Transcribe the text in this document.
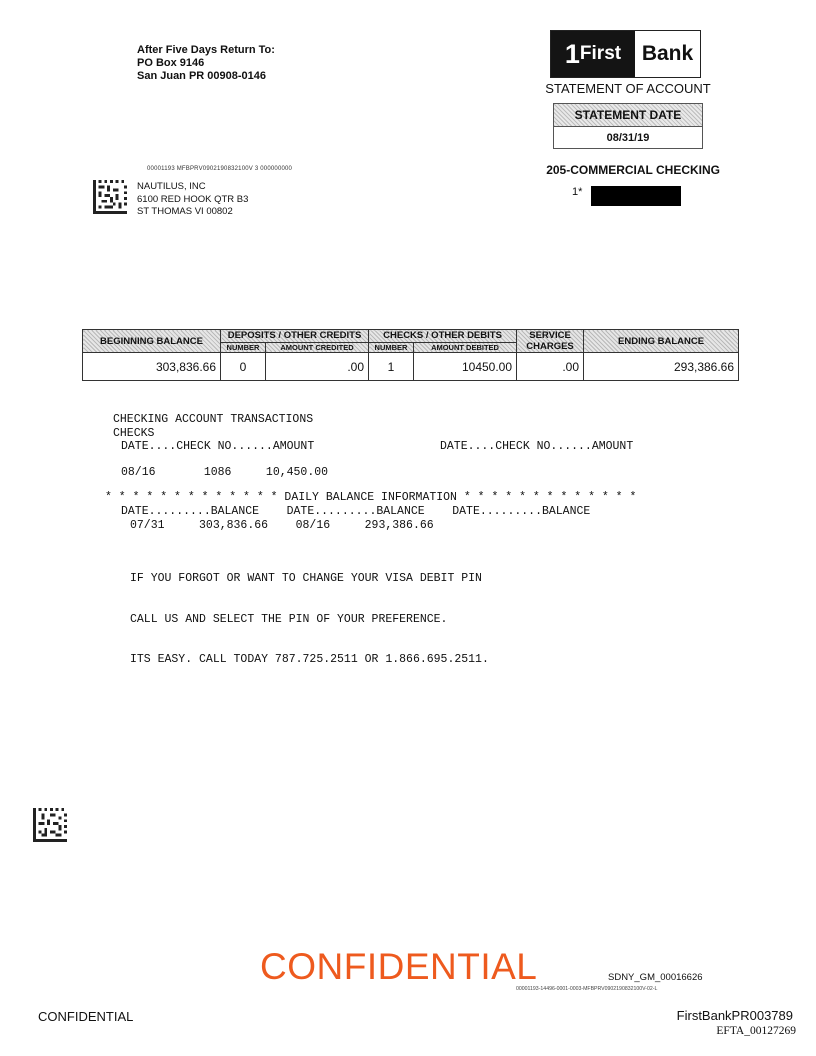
After Five Days Return To:
PO Box 9146
San Juan PR 00908-0146
1 First Bank
STATEMENT OF ACCOUNT
STATEMENT DATE
08/31/19
205-COMMERCIAL CHECKING
1*
00001193 MFBPRV0902190832100V 3 000000000
NAUTILUS, INC
6100 RED HOOK QTR B3
ST THOMAS VI 00802
BEGINNING BALANCE	DEPOSITS / OTHER CREDITS		CHECKS / OTHER DEBITS		SERVICE CHARGES	ENDING BALANCE
	NUMBER	AMOUNT CREDITED	NUMBER	AMOUNT DEBITED		
303,836.66	0	.00	1	10450.00	.00	293,386.66
CHECKING ACCOUNT TRANSACTIONS
CHECKS
DATE....CHECK NO......AMOUNT	DATE....CHECK NO......AMOUNT
08/16       1086     10,450.00
* * * * * * * * * * * * * DAILY BALANCE INFORMATION * * * * * * * * * * * * *
DATE.........BALANCE    DATE.........BALANCE    DATE.........BALANCE
07/31     303,836.66    08/16     293,386.66

IF YOU FORGOT OR WANT TO CHANGE YOUR VISA DEBIT PIN

CALL US AND SELECT THE PIN OF YOUR PREFERENCE.

ITS EASY. CALL TODAY 787.725.2511 OR 1.866.695.2511.

CONFIDENTIAL	SDNY_GM_00016626
00001193-14496-0001-0003-MFBPRV0902190832100V-02-L
CONFIDENTIAL	FirstBankPR003789
EFTA_00127269
